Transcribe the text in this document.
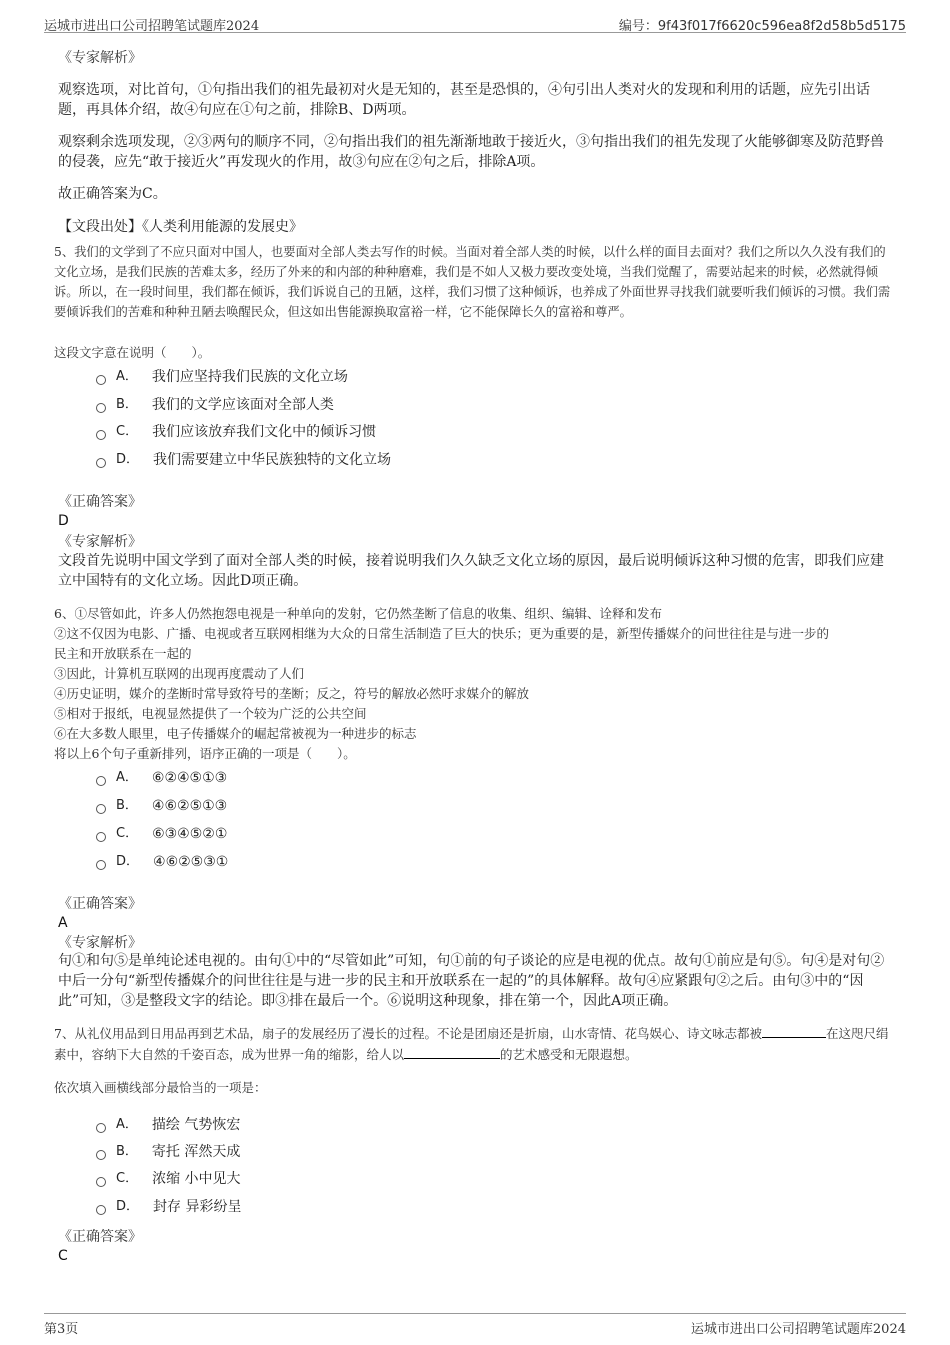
运城市进出口公司招聘笔试题库2024	编号：9f43f017f6620c596ea8f2d58b5d5175
《专家解析》

观察选项，对比首句，①句指出我们的祖先最初对火是无知的，甚至是恐惧的，④句引出人类对火的发现和利用的话题，应先引出话题，再具体介绍，故④句应在①句之前，排除B、D两项。

观察剩余选项发现，②③两句的顺序不同，②句指出我们的祖先渐渐地敢于接近火，③句指出我们的祖先发现了火能够御寒及防范野兽的侵袭，应先“敢于接近火”再发现火的作用，故③句应在②句之后，排除A项。

故正确答案为C。

【文段出处】《人类利用能源的发展史》

5、我们的文学到了不应只面对中国人，也要面对全部人类去写作的时候。当面对着全部人类的时候，以什么样的面目去面对？我们之所以久久没有我们的文化立场，是我们民族的苦难太多，经历了外来的和内部的种种磨难，我们是不如人又极力要改变处境，当我们觉醒了，需要站起来的时候，必然就得倾诉。所以，在一段时间里，我们都在倾诉，我们诉说自己的丑陋，这样，我们习惯了这种倾诉，也养成了外面世界寻找我们就要听我们倾诉的习惯。我们需要倾诉我们的苦难和种种丑陋去唤醒民众，但这如出售能源换取富裕一样，它不能保障长久的富裕和尊严。

这段文字意在说明（　　）。
A． 我们应坚持我们民族的文化立场
B． 我们的文学应该面对全部人类
C． 我们应该放弃我们文化中的倾诉习惯
D． 我们需要建立中华民族独特的文化立场
《正确答案》
D
《专家解析》

文段首先说明中国文学到了面对全部人类的时候，接着说明我们久久缺乏文化立场的原因，最后说明倾诉这种习惯的危害，即我们应建立中国特有的文化立场。因此D项正确。

6、①尽管如此，许多人仍然抱怨电视是一种单向的发射，它仍然垄断了信息的收集、组织、编辑、诠释和发布
②这不仅因为电影、广播、电视或者互联网相继为大众的日常生活制造了巨大的快乐；更为重要的是，新型传播媒介的问世往往是与进一步的
民主和开放联系在一起的
③因此，计算机互联网的出现再度震动了人们
④历史证明，媒介的垄断时常导致符号的垄断；反之，符号的解放必然吁求媒介的解放
⑤相对于报纸，电视显然提供了一个较为广泛的公共空间
⑥在大多数人眼里，电子传播媒介的崛起常被视为一种进步的标志
将以上6个句子重新排列，语序正确的一项是（　　）。
A． ⑥②④⑤①③
B． ④⑥②⑤①③
C． ⑥③④⑤②①
D． ④⑥②⑤③①
《正确答案》
A
《专家解析》

句①和句⑤是单纯论述电视的。由句①中的“尽管如此”可知，句①前的句子谈论的应是电视的优点。故句①前应是句⑤。句④是对句②中后一分句“新型传播媒介的问世往往是与进一步的民主和开放联系在一起的”的具体解释。故句④应紧跟句②之后。由句③中的“因此”可知，③是整段文字的结论。即③排在最后一个。⑥说明这种现象，排在第一个，因此A项正确。

7、从礼仪用品到日用品再到艺术品，扇子的发展经历了漫长的过程。不论是团扇还是折扇，山水寄情、花鸟娱心、诗文咏志都被	在这咫尺绢素中，容纳下大自然的千姿百态，成为世界一角的缩影，给人以	的艺术感受和无限遐想。

依次填入画横线部分最恰当的一项是：
A． 描绘 气势恢宏
B． 寄托 浑然天成
C． 浓缩 小中见大
D． 封存 异彩纷呈
《正确答案》
C
第3页	运城市进出口公司招聘笔试题库2024
